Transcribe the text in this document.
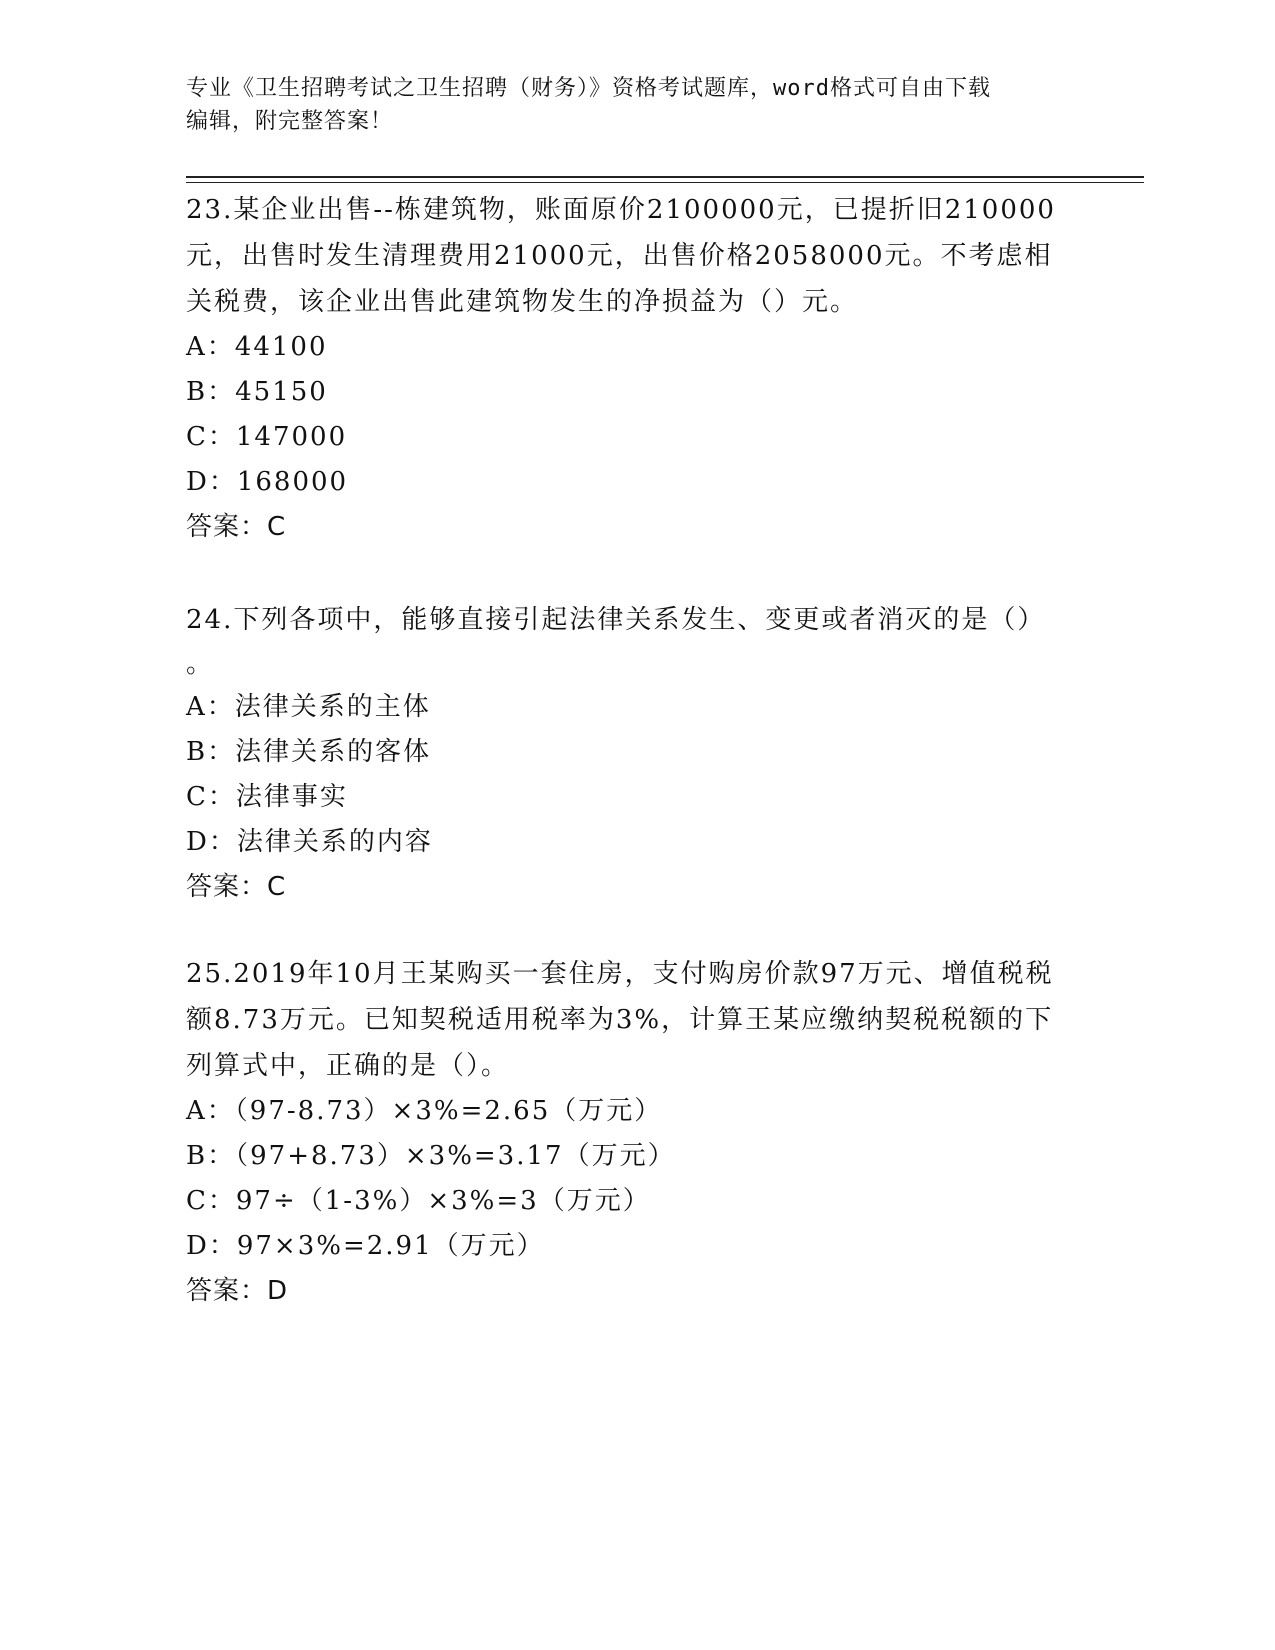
专业《卫生招聘考试之卫生招聘（财务）》资格考试题库，word格式可自由下载
编辑，附完整答案！
23.某企业出售--栋建筑物，账面原价2100000元，已提折旧210000
元，出售时发生清理费用21000元，出售价格2058000元。不考虑相
关税费，该企业出售此建筑物发生的净损益为（）元。
A：44100
B：45150
C：147000
D：168000
答案：C
24.下列各项中，能够直接引起法律关系发生、变更或者消灭的是（）
。
A：法律关系的主体
B：法律关系的客体
C：法律事实
D：法律关系的内容
答案：C
25.2019年10月王某购买一套住房，支付购房价款97万元、增值税税
额8.73万元。已知契税适用税率为3%，计算王某应缴纳契税税额的下
列算式中，正确的是（）。
A：（97-8.73）×3%=2.65（万元）
B：（97+8.73）×3%=3.17（万元）
C：97÷（1-3%）×3%=3（万元）
D：97×3%=2.91（万元）
答案：D
